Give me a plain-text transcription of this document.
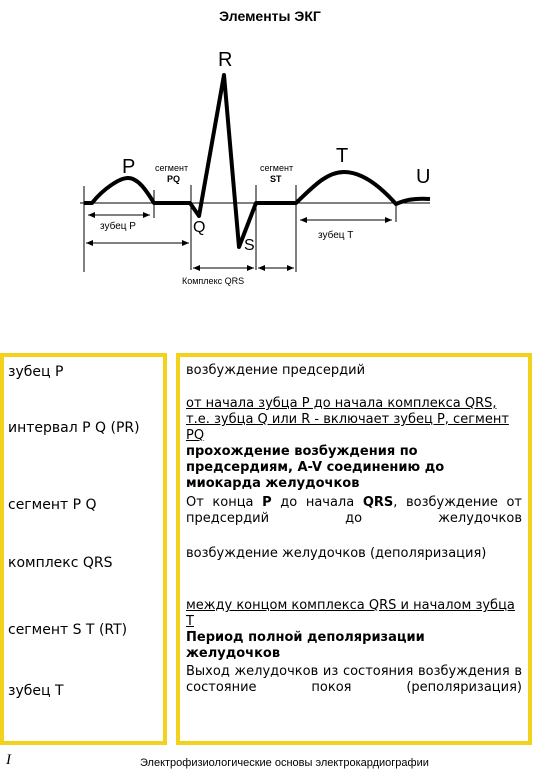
Элементы ЭКГ
R
P	T
U
Q
S
сегмент
PQ
сегмент
ST
зубец P
зубец T
Комплекс QRS
зубец P
интервал P Q (PR)
сегмент P Q
комплекс QRS
сегмент S T (RT)
зубец T
возбуждение предсердий
от начала зубца P до начала комплекса QRS, т.е. зубца Q или R - включает зубец P, сегмент PQ
прохождение возбуждения по предсердиям, A-V соединению до миокарда желудочков
От конца P до начала QRS, возбуждение от предсердий до желудочков
возбуждение желудочков (деполяризация)
между концом комплекса QRS и началом зубца T
Период полной деполяризации желудочков
Выход желудочков из состояния возбуждения в состояние покоя (реполяризация)
I	Электрофизиологические основы электрокардиографии
